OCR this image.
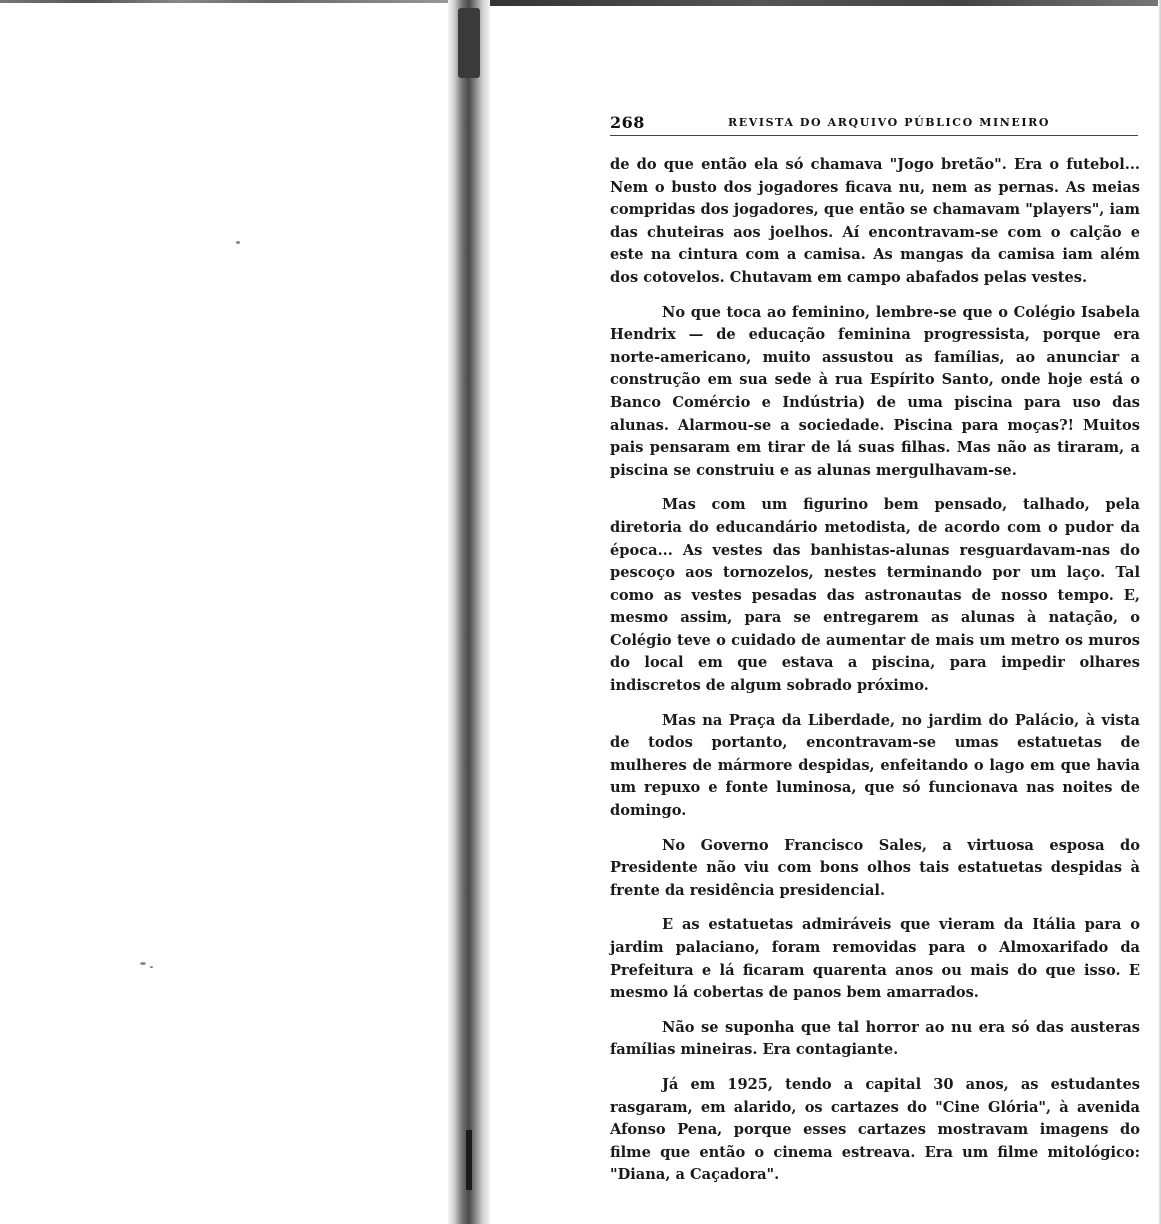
268	REVISTA DO ARQUIVO PÚBLICO MINEIRO

de do que então ela só chamava "Jogo bretão". Era o futebol... Nem o busto dos jogadores ficava nu, nem as pernas. As meias compridas dos jogadores, que então se chamavam "players", iam das chuteiras aos joelhos. Aí encontravam-se com o calção e este na cintura com a camisa. As mangas da camisa iam além dos cotovelos. Chutavam em campo abafados pelas vestes.

No que toca ao feminino, lembre-se que o Colégio Isabela Hendrix — de educação feminina progressista, porque era norte-americano, muito assustou as famílias, ao anunciar a construção em sua sede à rua Espírito Santo, onde hoje está o Banco Comércio e Indústria) de uma piscina para uso das alunas. Alarmou-se a sociedade. Piscina para moças?! Muitos pais pensaram em tirar de lá suas filhas. Mas não as tiraram, a piscina se construiu e as alunas mergulhavam-se.

Mas com um figurino bem pensado, talhado, pela diretoria do educandário metodista, de acordo com o pudor da época... As vestes das banhistas-alunas resguardavam-nas do pescoço aos tornozelos, nestes terminando por um laço. Tal como as vestes pesadas das astronautas de nosso tempo. E, mesmo assim, para se entregarem as alunas à natação, o Colégio teve o cuidado de aumentar de mais um metro os muros do local em que estava a piscina, para impedir olhares indiscretos de algum sobrado próximo.

Mas na Praça da Liberdade, no jardim do Palácio, à vista de todos portanto, encontravam-se umas estatuetas de mulheres de mármore despidas, enfeitando o lago em que havia um repuxo e fonte luminosa, que só funcionava nas noites de domingo.

No Governo Francisco Sales, a virtuosa esposa do Presidente não viu com bons olhos tais estatuetas despidas à frente da residência presidencial.

E as estatuetas admiráveis que vieram da Itália para o jardim palaciano, foram removidas para o Almoxarifado da Prefeitura e lá ficaram quarenta anos ou mais do que isso. E mesmo lá cobertas de panos bem amarrados.

Não se suponha que tal horror ao nu era só das austeras famílias mineiras. Era contagiante.

Já em 1925, tendo a capital 30 anos, as estudantes rasgaram, em alarido, os cartazes do "Cine Glória", à avenida Afonso Pena, porque esses cartazes mostravam imagens do filme que então o cinema estreava. Era um filme mitológico: "Diana, a Caçadora".
